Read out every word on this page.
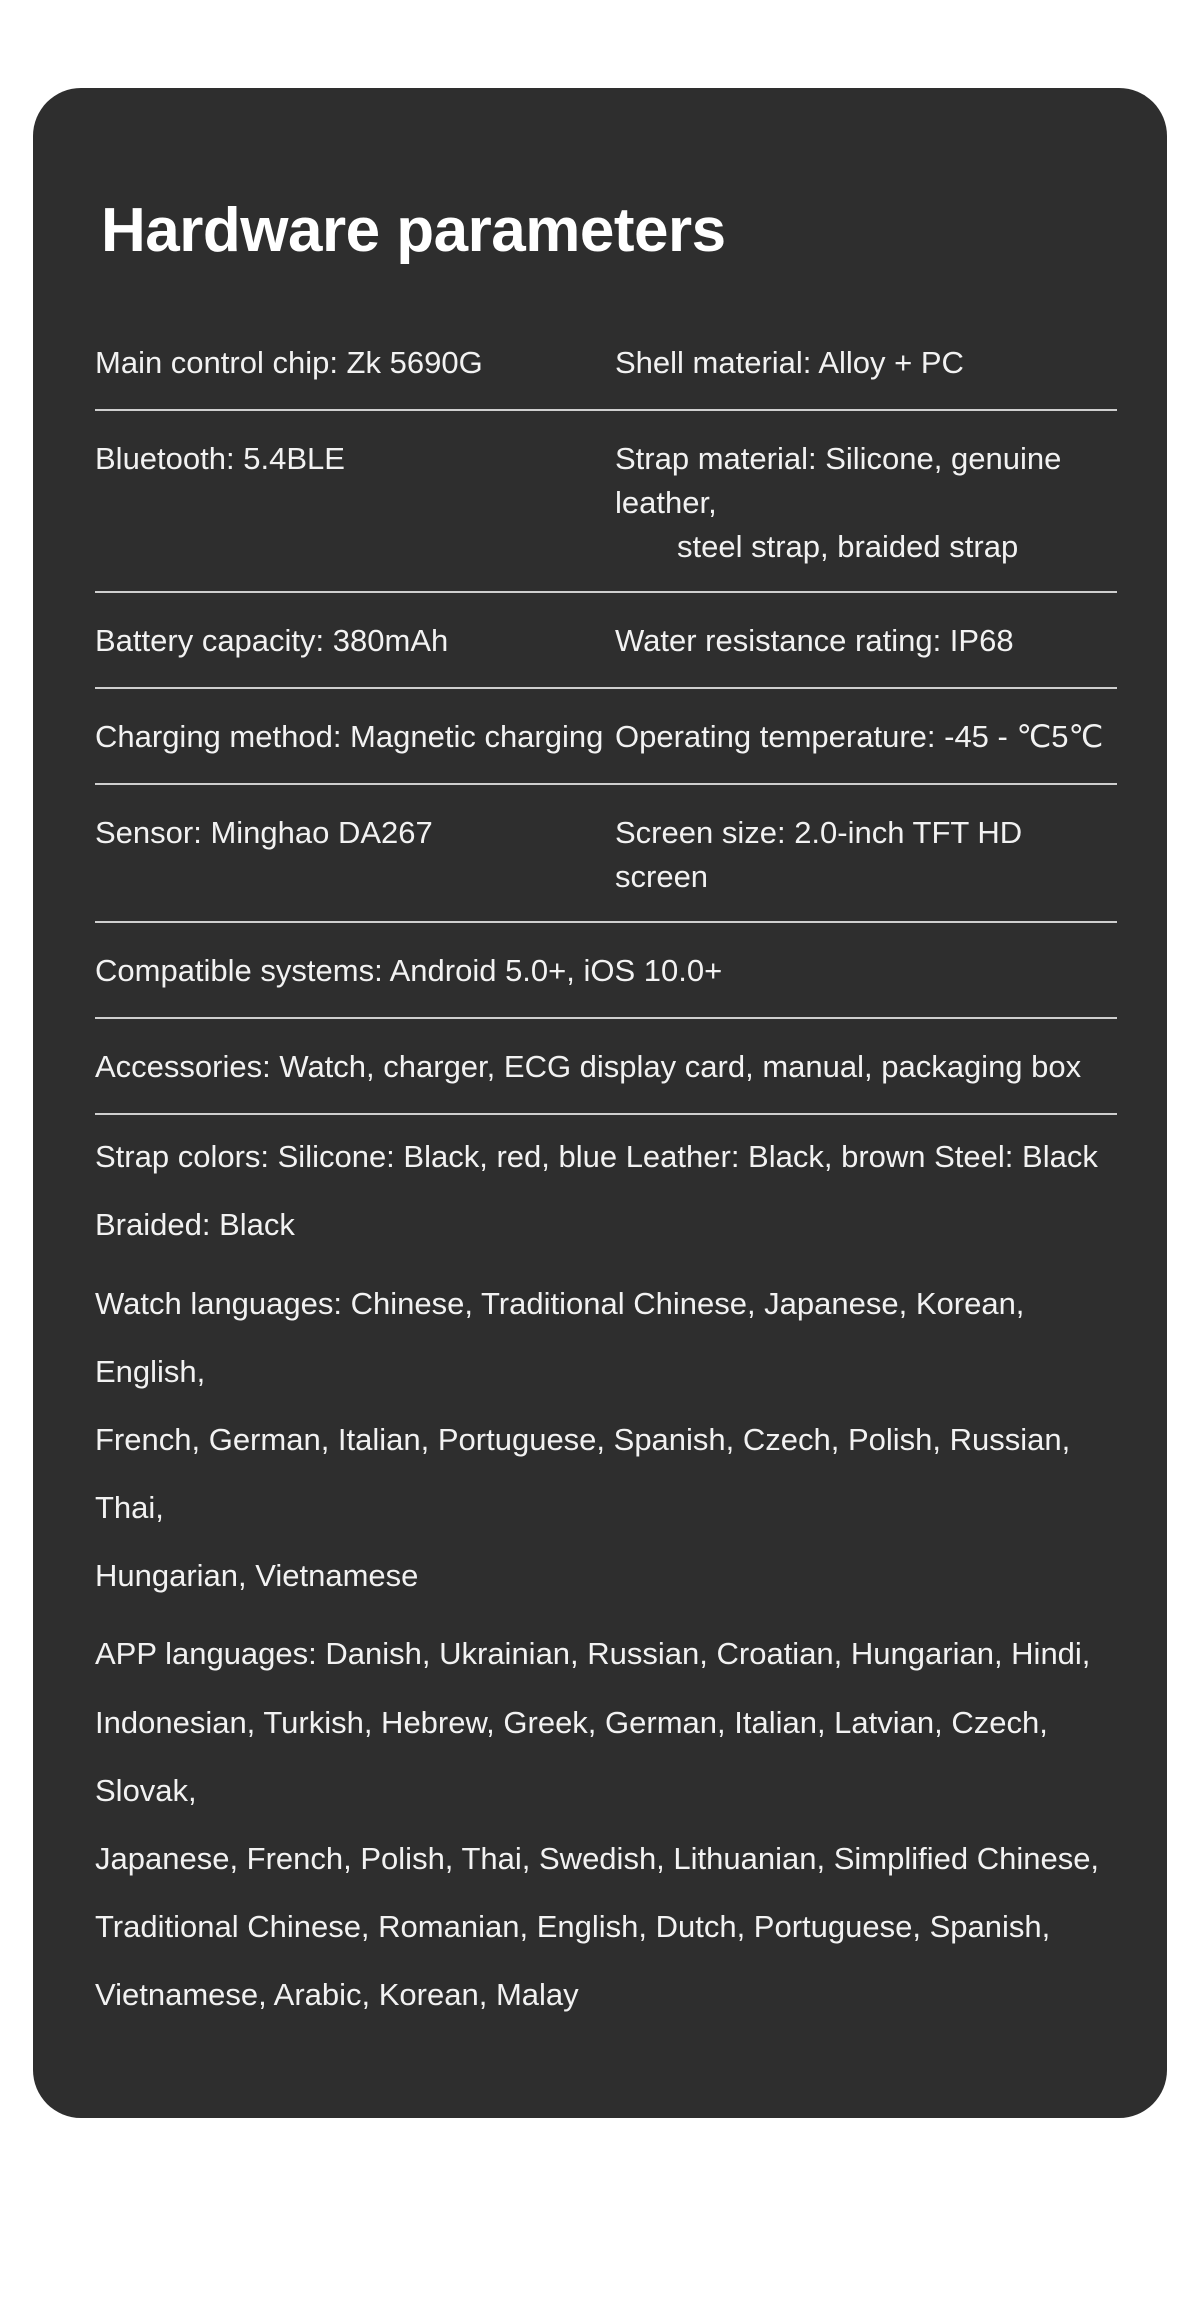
Hardware parameters
Main control chip: Zk 5690G	Shell material: Alloy + PC
Bluetooth: 5.4BLE	Strap material: Silicone, genuine leather,
steel strap, braided strap
Battery capacity: 380mAh	Water resistance rating: IP68
Charging method: Magnetic charging Operating temperature: -45 - ℃5℃
Sensor: Minghao DA267	Screen size: 2.0-inch TFT HD screen
Compatible systems: Android 5.0+, iOS 10.0+
Accessories: Watch, charger, ECG display card, manual, packaging box

Strap colors: Silicone: Black, red, blue Leather: Black, brown Steel: Black

Braided: Black

Watch languages: Chinese, Traditional Chinese, Japanese, Korean, English,

French, German, Italian, Portuguese, Spanish, Czech, Polish, Russian, Thai,

Hungarian, Vietnamese

APP languages: Danish, Ukrainian, Russian, Croatian, Hungarian, Hindi,

Indonesian, Turkish, Hebrew, Greek, German, Italian, Latvian, Czech, Slovak,

Japanese, French, Polish, Thai, Swedish, Lithuanian, Simplified Chinese,

Traditional Chinese, Romanian, English, Dutch, Portuguese, Spanish,

Vietnamese, Arabic, Korean, Malay
